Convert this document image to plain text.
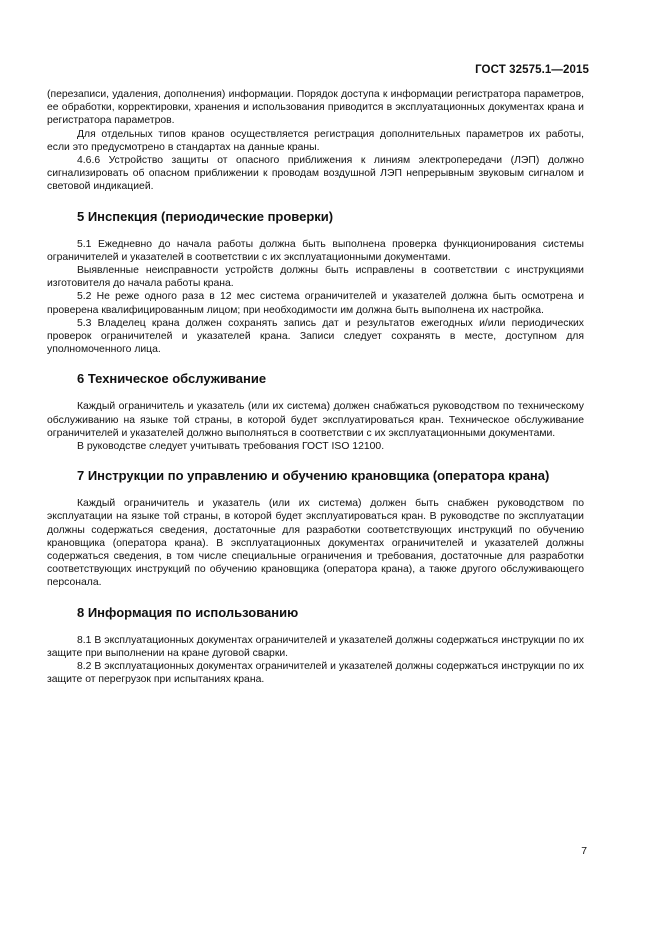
ГОСТ 32575.1—2015

(перезаписи, удаления, дополнения) информации. Порядок доступа к информации регистратора параметров, ее обработки, корректировки, хранения и использования приводится в эксплуатационных документах крана и регистратора параметров.

Для отдельных типов кранов осуществляется регистрация дополнительных параметров их работы, если это предусмотрено в стандартах на данные краны.

4.6.6 Устройство защиты от опасного приближения к линиям электропередачи (ЛЭП) должно сигнализировать об опасном приближении к проводам воздушной ЛЭП непрерывным звуковым сигналом и световой индикацией.

5 Инспекция (периодические проверки)

5.1 Ежедневно до начала работы должна быть выполнена проверка функционирования системы ограничителей и указателей в соответствии с их эксплуатационными документами.

Выявленные неисправности устройств должны быть исправлены в соответствии с инструкциями изготовителя до начала работы крана.

5.2 Не реже одного раза в 12 мес система ограничителей и указателей должна быть осмотрена и проверена квалифицированным лицом; при необходимости им должна быть выполнена их настройка.

5.3 Владелец крана должен сохранять запись дат и результатов ежегодных и/или периодических проверок ограничителей и указателей крана. Записи следует сохранять в месте, доступном для уполномоченного лица.

6 Техническое обслуживание

Каждый ограничитель и указатель (или их система) должен снабжаться руководством по техническому обслуживанию на языке той страны, в которой будет эксплуатироваться кран. Техническое обслуживание ограничителей и указателей должно выполняться в соответствии с их эксплуатационными документами.

В руководстве следует учитывать требования ГОСТ ISO 12100.

7 Инструкции по управлению и обучению крановщика (оператора крана)

Каждый ограничитель и указатель (или их система) должен быть снабжен руководством по эксплуатации на языке той страны, в которой будет эксплуатироваться кран. В руководстве по эксплуатации должны содержаться сведения, достаточные для разработки соответствующих инструкций по обучению крановщика (оператора крана). В эксплуатационных документах ограничителей и указателей должны содержаться сведения, в том числе специальные ограничения и требования, достаточные для разработки соответствующих инструкций по обучению крановщика (оператора крана), а также другого обслуживающего персонала.

8 Информация по использованию

8.1 В эксплуатационных документах ограничителей и указателей должны содержаться инструкции по их защите при выполнении на кране дуговой сварки.

8.2 В эксплуатационных документах ограничителей и указателей должны содержаться инструкции по их защите от перегрузок при испытаниях крана.

7
